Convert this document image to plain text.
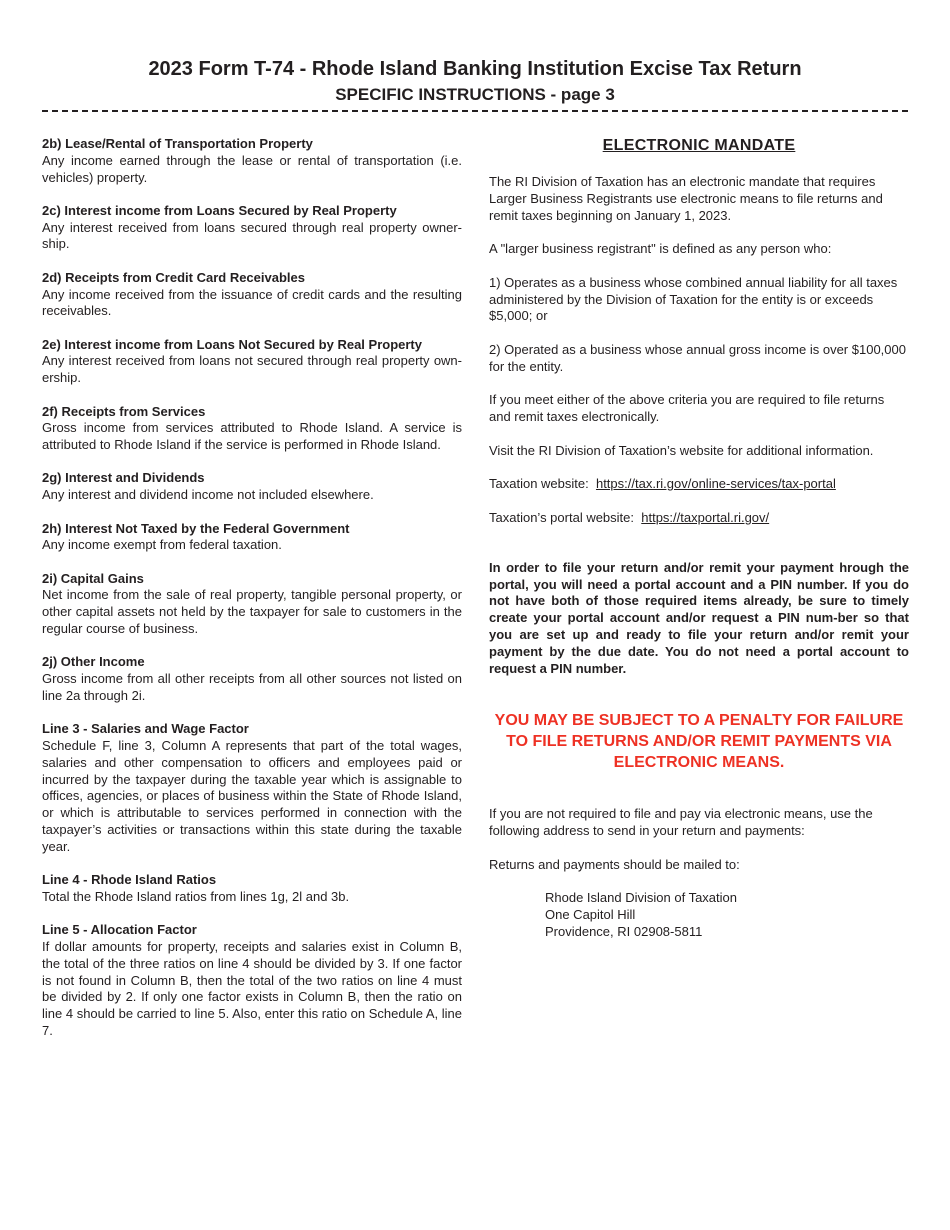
2023 Form T-74 - Rhode Island Banking Institution Excise Tax Return
SPECIFIC INSTRUCTIONS - page 3
2b) Lease/Rental of Transportation Property

Any income earned through the lease or rental of transportation (i.e. vehicles) property.

2c) Interest income from Loans Secured by Real Property

Any interest received from loans secured through real property owner-ship.

2d) Receipts from Credit Card Receivables

Any income received from the issuance of credit cards and the resulting receivables.

2e) Interest income from Loans Not Secured by Real Property

Any interest received from loans not secured through real property own-ership.

2f) Receipts from Services

Gross income from services attributed to Rhode Island. A service is attributed to Rhode Island if the service is performed in Rhode Island.

2g) Interest and Dividends

Any interest and dividend income not included elsewhere.

2h) Interest Not Taxed by the Federal Government

Any income exempt from federal taxation.

2i) Capital Gains

Net income from the sale of real property, tangible personal property, or other capital assets not held by the taxpayer for sale to customers in the regular course of business.

2j) Other Income

Gross income from all other receipts from all other sources not listed on line 2a through 2i.

Line 3 - Salaries and Wage Factor

Schedule F, line 3, Column A represents that part of the total wages, salaries and other compensation to officers and employees paid or incurred by the taxpayer during the taxable year which is assignable to offices, agencies, or places of business within the State of Rhode Island, or which is attributable to services performed in connection with the taxpayer’s activities or transactions within this state during the taxable year.

Line 4 - Rhode Island Ratios

Total the Rhode Island ratios from lines 1g, 2l and 3b.

Line 5 - Allocation Factor

If dollar amounts for property, receipts and salaries exist in Column B, the total of the three ratios on line 4 should be divided by 3. If one factor is not found in Column B, then the total of the two ratios on line 4 must be divided by 2. If only one factor exists in Column B, then the ratio on line 4 should be carried to line 5. Also, enter this ratio on Schedule A, line 7.

ELECTRONIC MANDATE

The RI Division of Taxation has an electronic mandate that requires Larger Business Registrants use electronic means to file returns and remit taxes beginning on January 1, 2023.

A "larger business registrant" is defined as any person who:

1) Operates as a business whose combined annual liability for all taxes administered by the Division of Taxation for the entity is or exceeds $5,000; or

2) Operated as a business whose annual gross income is over $100,000 for the entity.

If you meet either of the above criteria you are required to file returns and remit taxes electronically.

Visit the RI Division of Taxation’s website for additional information.

Taxation website: https://tax.ri.gov/online-services/tax-portal

Taxation’s portal website: https://taxportal.ri.gov/

In order to file your return and/or remit your payment hrough the portal, you will need a portal account and a PIN number. If you do not have both of those required items already, be sure to timely create your portal account and/or request a PIN num-ber so that you are set up and ready to file your return and/or remit your payment by the due date. You do not need a portal account to request a PIN number.

YOU MAY BE SUBJECT TO A PENALTY FOR FAILURE TO FILE RETURNS AND/OR REMIT PAYMENTS VIA ELECTRONIC MEANS.

If you are not required to file and pay via electronic means, use the following address to send in your return and payments:

Returns and payments should be mailed to:

Rhode Island Division of Taxation
One Capitol Hill
Providence, RI 02908-5811
